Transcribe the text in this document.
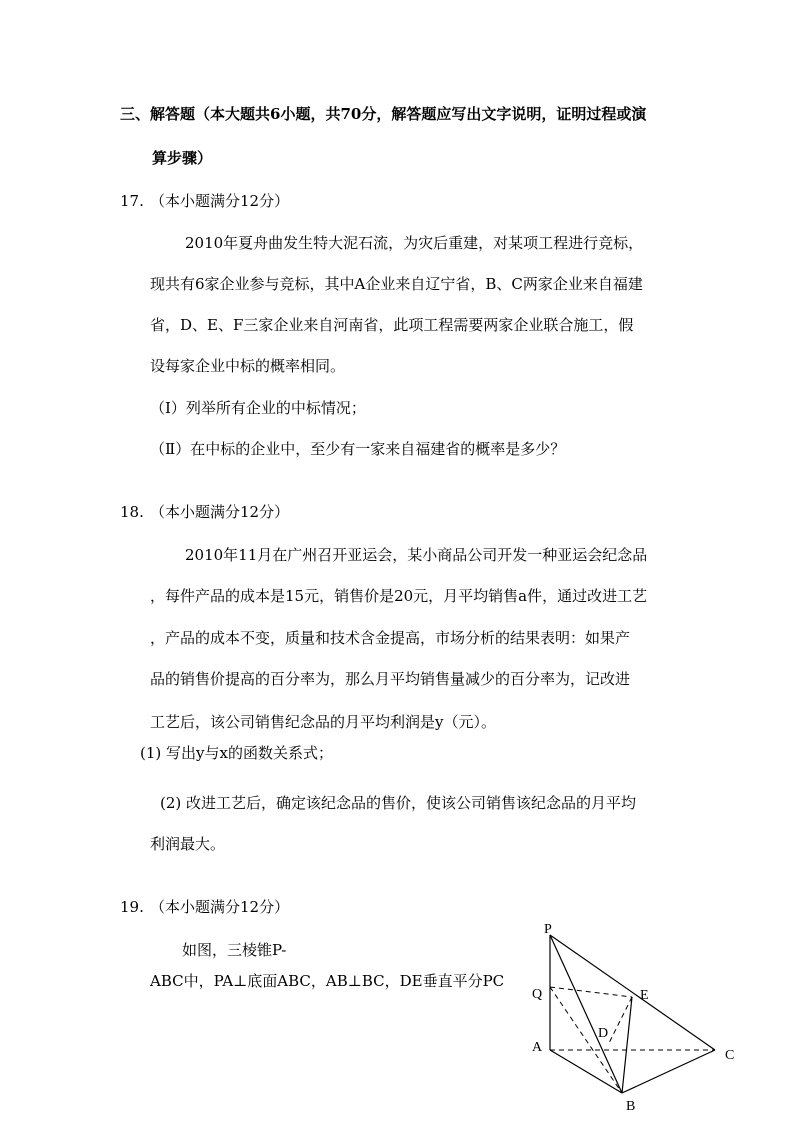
三、解答题（本大题共6小题，共70分，解答题应写出文字说明，证明过程或演
算步骤）
17. （本小题满分12分）
2010年夏舟曲发生特大泥石流，为灾后重建，对某项工程进行竞标，
现共有6家企业参与竞标，其中A企业来自辽宁省，B、C两家企业来自福建
省，D、E、F三家企业来自河南省，此项工程需要两家企业联合施工，假
设每家企业中标的概率相同。
（Ⅰ）列举所有企业的中标情况；
（Ⅱ）在中标的企业中，至少有一家来自福建省的概率是多少？
18. （本小题满分12分）
2010年11月在广州召开亚运会，某小商品公司开发一种亚运会纪念品
，每件产品的成本是15元，销售价是20元，月平均销售a件，通过改进工艺
，产品的成本不变，质量和技术含金提高，市场分析的结果表明：如果产
品的销售价提高的百分率为，那么月平均销售量减少的百分率为，记改进
工艺后，该公司销售纪念品的月平均利润是y（元）。
(1) 写出y与x的函数关系式；
(2) 改进工艺后，确定该纪念品的售价，使该公司销售该纪念品的月平均
利润最大。
19. （本小题满分12分）
如图，三棱锥P-
ABC中，PA⊥底面ABC，AB⊥BC，DE垂直平分PC
P
Q	E
D
A
C
B
